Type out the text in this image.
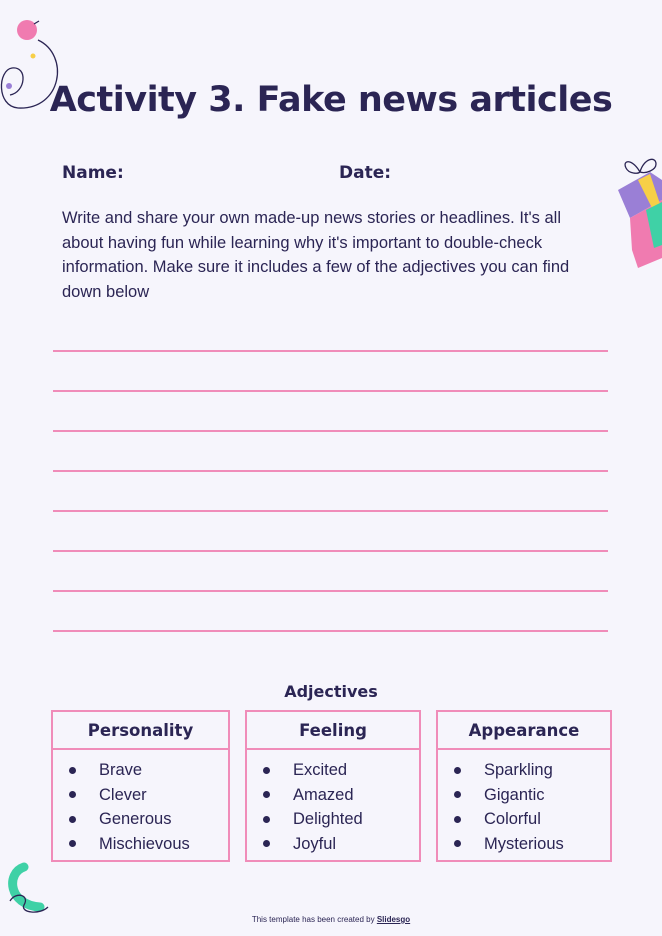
Activity 3. Fake news articles
Name:	Date:
Write and share your own made-up news stories or headlines. It's all about having fun while learning why it's important to double-check information. Make sure it includes a few of the adjectives you can find down below
Adjectives
Personality
Brave
Clever
Generous
Mischievous
Feeling
Excited
Amazed
Delighted
Joyful
Appearance
Sparkling
Gigantic
Colorful
Mysterious
This template has been created by Slidesgo
